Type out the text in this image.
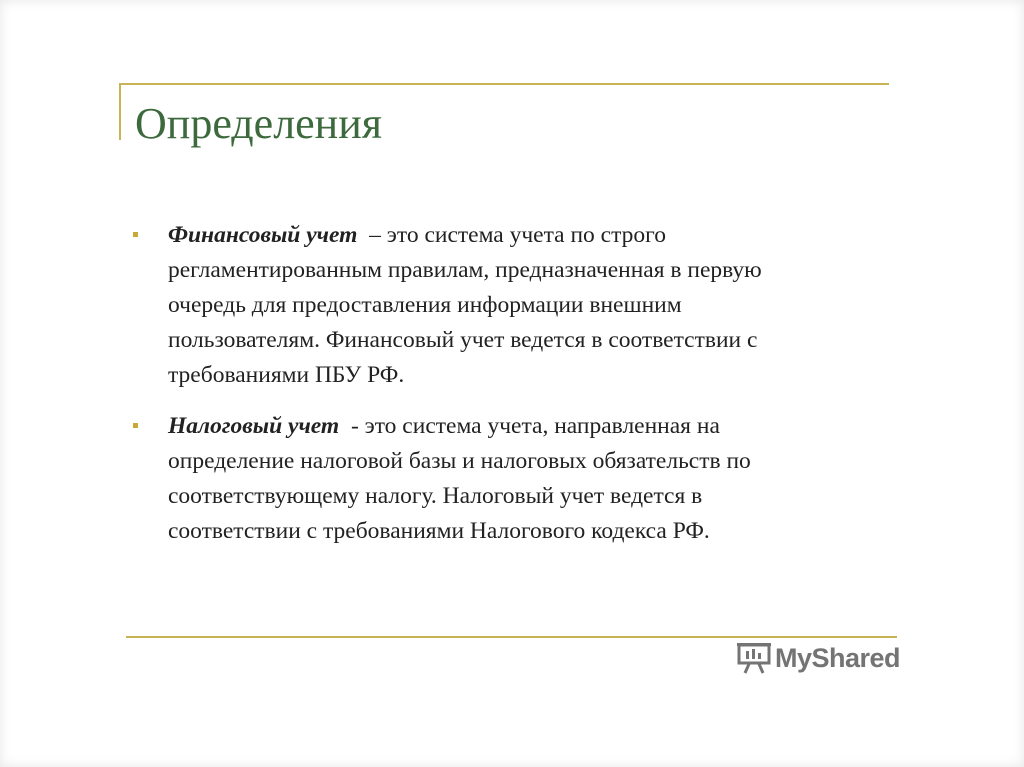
Определения

Финансовый учет  – это система учета по строго регламентированным правилам, предназначенная в первую очередь для предоставления информации внешним пользователям. Финансовый учет ведется в соответствии с требованиями ПБУ РФ.

Налоговый учет  - это система учета, направленная на определение налоговой базы и налоговых обязательств по соответствующему налогу. Налоговый учет ведется в соответствии с требованиями Налогового кодекса РФ.

MyShared
